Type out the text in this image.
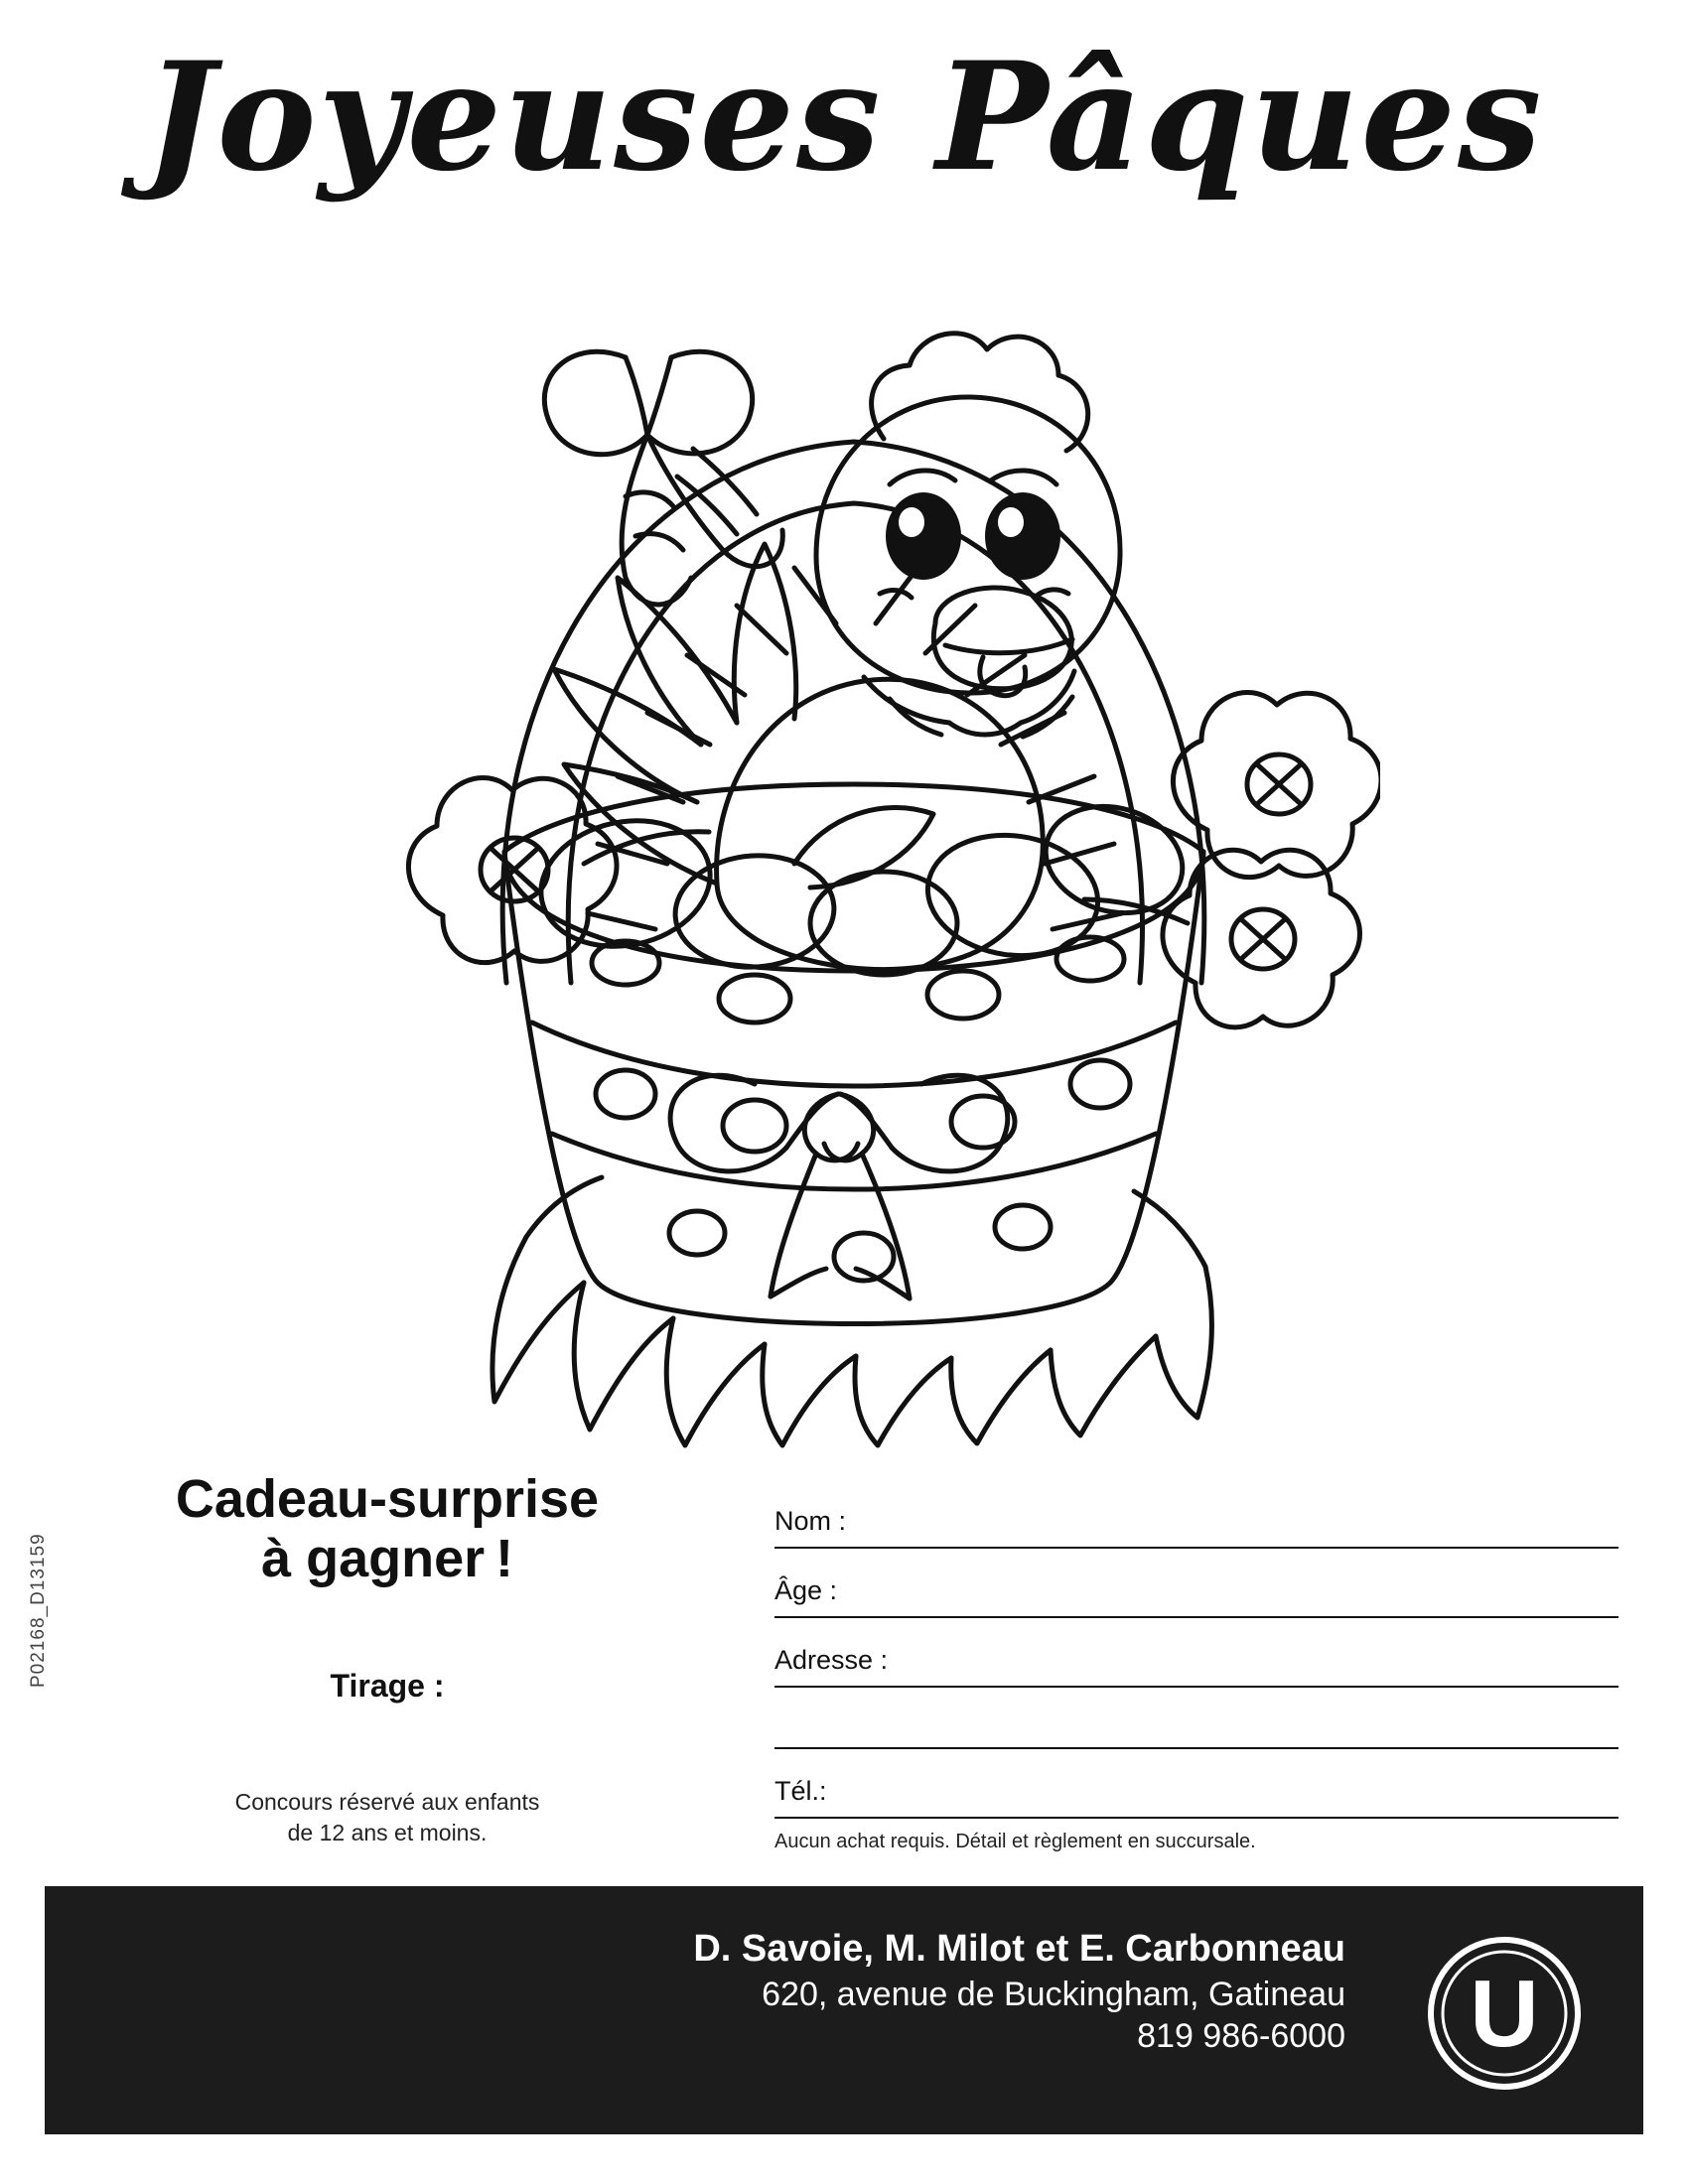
Joyeuses Pâques
Cadeau-surprise
à gagner !
Tirage :
Concours réservé aux enfants
de 12 ans et moins.
P02168_D13159
Nom :
Âge :
Adresse :
Tél.:
Aucun achat requis. Détail et règlement en succursale.
D. Savoie, M. Milot et E. Carbonneau
620, avenue de Buckingham, Gatineau
819 986-6000 U
